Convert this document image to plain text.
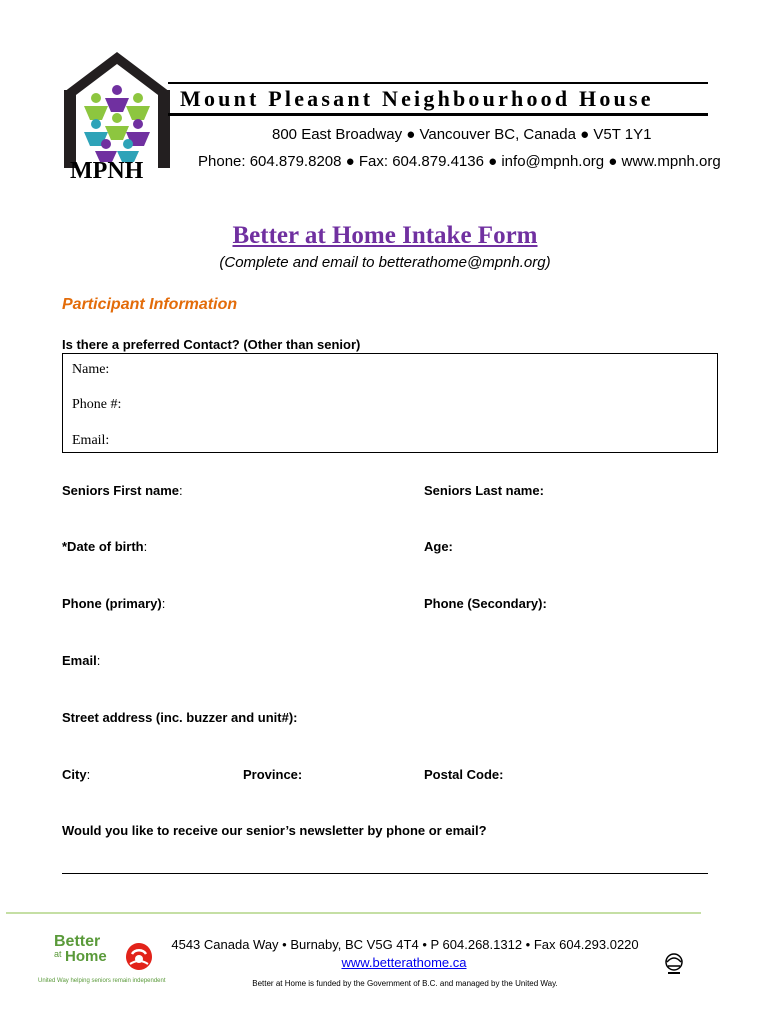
MPNH
Mount Pleasant Neighbourhood House
800 East Broadway ● Vancouver BC, Canada ● V5T 1Y1
Phone: 604.879.8208 ● Fax: 604.879.4136 ● info@mpnh.org ● www.mpnh.org
Better at Home Intake Form
(Complete and email to betterathome@mpnh.org)
Participant Information
Is there a preferred Contact? (Other than senior)
Name:
Phone #:
Email:
Seniors First name:	Seniors Last name:
*Date of birth:	Age:
Phone (primary):	Phone (Secondary):
Email:
Street address (inc. buzzer and unit#):
City:	Province:	Postal Code:
Would you like to receive our senior’s newsletter by phone or email?
Better
at Home
United Way helping seniors remain independent
4543 Canada Way • Burnaby, BC V5G 4T4 • P 604.268.1312 • Fax 604.293.0220
www.betterathome.ca
Better at Home is funded by the Government of B.C. and managed by the United Way.
